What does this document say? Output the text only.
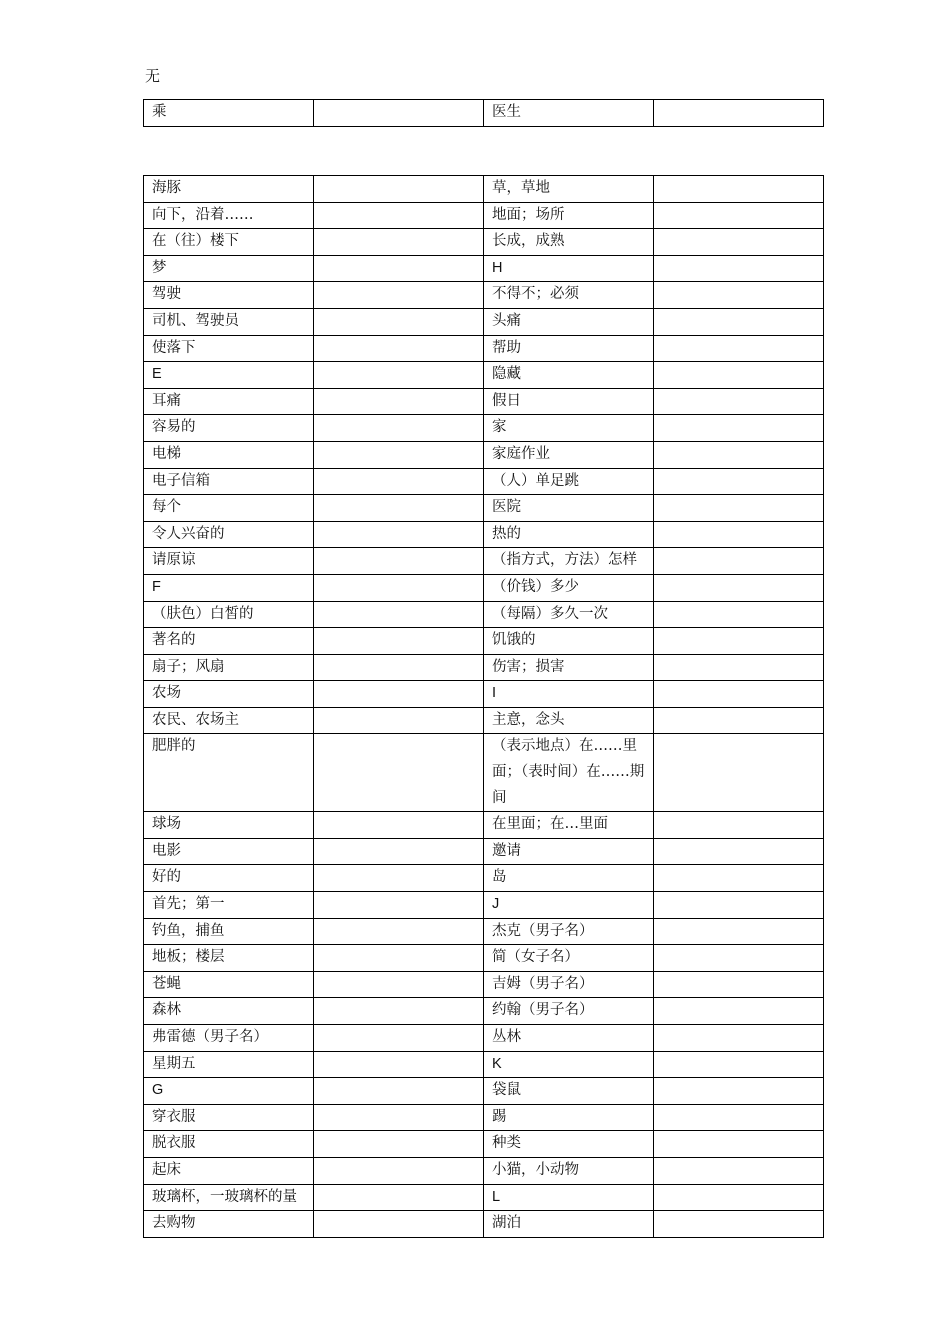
无
乘		医生	
海豚		草，草地	
向下，沿着……		地面；场所	
在（往）楼下		长成，成熟	
梦		H	
驾驶		不得不；必须	
司机、驾驶员		头痛	
使落下		帮助	
E		隐藏	
耳痛		假日	
容易的		家	
电梯		家庭作业	
电子信箱		（人）单足跳	
每个		医院	
令人兴奋的		热的	
请原谅		（指方式，方法）怎样	
F		（价钱）多少	
（肤色）白皙的		（每隔）多久一次	
著名的		饥饿的	
扇子；风扇		伤害；损害	
农场		I	
农民、农场主		主意，念头	
肥胖的		（表示地点）在……里面；（表时间）在……期间	
球场		在里面；在…里面	
电影		邀请	
好的		岛	
首先；第一		J	
钓鱼，捕鱼		杰克（男子名）	
地板；楼层		简（女子名）	
苍蝇		吉姆（男子名）	
森林		约翰（男子名）	
弗雷德（男子名）		丛林	
星期五		K	
G		袋鼠	
穿衣服		踢	
脱衣服		种类	
起床		小猫，小动物	
玻璃杯，一玻璃杯的量		L	
去购物		湖泊	
